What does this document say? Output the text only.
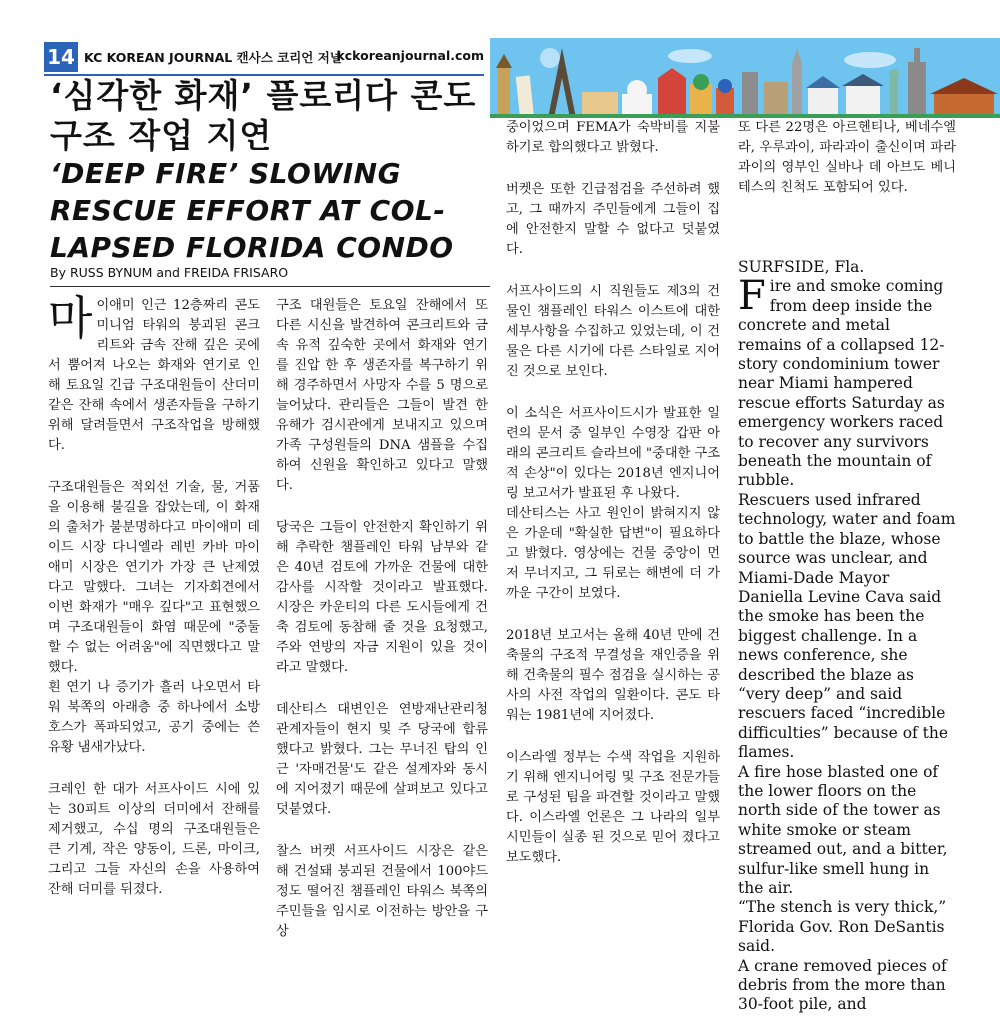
14 KC KOREAN JOURNAL 캔사스 코리언 저널
kckoreanjournal.com
‘심각한 화재’ 플로리다 콘도 구조 작업 지연
‘DEEP FIRE’ SLOWING RESCUE EFFORT AT COL-LAPSED FLORIDA CONDO
By RUSS BYNUM and FREIDA FRISARO

마 이애미 인근 12층짜리 콘도미니엄 타워의 붕괴된 콘크리트와 금속 잔해 깊은 곳에서 뿜어져 나오는 화재와 연기로 인해 토요일 긴급 구조대원들이 산더미 같은 잔해 속에서 생존자들을 구하기 위해 달려들면서 구조작업을 방해했다.

구조대원들은 적외선 기술, 물, 거품을 이용해 불길을 잡았는데, 이 화재의 출처가 불분명하다고 마이애미 데이드 시장 다니엘라 레빈 카바 마이애미 시장은 연기가 가장 큰 난제였다고 말했다. 그녀는 기자회견에서 이번 화재가 "매우 깊다"고 표현했으며 구조대원들이 화염 때문에 "중둘할 수 없는 어려움"에 직면했다고 말했다.

흰 연기 나 증기가 흘러 나오면서 타워 북쪽의 아래층 중 하나에서 소방 호스가 폭파되었고, 공기 중에는 쓴 유황 냄새가났다.

크레인 한 대가 서프사이드 시에 있는 30피트 이상의 더미에서 잔해를 제거했고, 수십 명의 구조대원들은 큰 기계, 작은 양동이, 드론, 마이크, 그리고 그들 자신의 손을 사용하여 잔해 더미를 뒤졌다.

구조 대원들은 토요일 잔해에서 또 다른 시신을 발견하여 콘크리트와 금속 유적 깊숙한 곳에서 화재와 연기를 진압 한 후 생존자를 복구하기 위해 경주하면서 사망자 수를 5 명으로 늘어났다. 관리들은 그들이 발견 한 유해가 검시관에게 보내지고 있으며 가족 구성원들의 DNA 샘플을 수집하여 신원을 확인하고 있다고 말했다.

당국은 그들이 안전한지 확인하기 위해 추락한 챔플레인 타워 남부와 같은 40년 검토에 가까운 건물에 대한 감사를 시작할 것이라고 발표했다. 시장은 카운티의 다른 도시들에게 건축 검토에 동참해 줄 것을 요청했고, 주와 연방의 자금 지원이 있을 것이라고 말했다.

데산티스 대변인은 연방재난관리청 관계자들이 현지 및 주 당국에 합류했다고 밝혔다. 그는 무너진 탑의 인근 '자매건물'도 같은 설계자와 동시에 지어졌기 때문에 살펴보고 있다고 덧붙였다.

찰스 버켓 서프사이드 시장은 같은 해 건설돼 붕괴된 건물에서 100야드 정도 떨어진 챔플레인 타워스 북쪽의 주민들을 임시로 이전하는 방안을 구상

중이었으며 FEMA가 숙박비를 지불하기로 합의했다고 밝혔다.

버켓은 또한 긴급점검을 주선하려 했고, 그 때까지 주민들에게 그들이 집에 안전한지 말할 수 없다고 덧붙였다.

서프사이드의 시 직원들도 제3의 건물인 챔플레인 타워스 이스트에 대한 세부사항을 수집하고 있었는데, 이 건물은 다른 시기에 다른 스타일로 지어진 것으로 보인다.

이 소식은 서프사이드시가 발표한 일련의 문서 중 일부인 수영장 갑판 아래의 콘크리트 슬라브에 "중대한 구조적 손상"이 있다는 2018년 엔지니어링 보고서가 발표된 후 나왔다.

데산티스는 사고 원인이 밝혀지지 않은 가운데 "확실한 답변"이 필요하다고 밝혔다. 영상에는 건물 중앙이 먼저 무너지고, 그 뒤로는 해변에 더 가까운 구간이 보였다.

2018년 보고서는 올해 40년 만에 건축물의 구조적 무결성을 재인증을 위해 건축물의 필수 점검을 실시하는 공사의 사전 작업의 일환이다. 콘도 타워는 1981년에 지어졌다.

이스라엘 정부는 수색 작업을 지원하기 위해 엔지니어링 및 구조 전문가들로 구성된 팀을 파견할 것이라고 말했다. 이스라엘 언론은 그 나라의 일부 시민들이 실종 된 것으로 믿어 졌다고 보도했다.

또 다른 22명은 아르헨티나, 베네수엘라, 우루과이, 파라과이 출신이며 파라과이의 영부인 실바나 데 아브도 베니테스의 친척도 포함되어 있다.

SURFSIDE, Fla.

F ire and smoke coming from deep inside the concrete and metal remains of a collapsed 12-story condominium tower near Miami hampered rescue efforts Saturday as emergency workers raced to recover any survivors beneath the mountain of rubble.

Rescuers used infrared technology, water and foam to battle the blaze, whose source was unclear, and Miami-Dade Mayor Daniella Levine Cava said the smoke has been the biggest challenge. In a news conference, she described the blaze as “very deep” and said rescuers faced “incredible difficulties” because of the flames.

A fire hose blasted one of the lower floors on the north side of the tower as white smoke or steam streamed out, and a bitter, sulfur-like smell hung in the air.

“The stench is very thick,” Florida Gov. Ron DeSantis said.

A crane removed pieces of debris from the more than 30-foot pile, and
